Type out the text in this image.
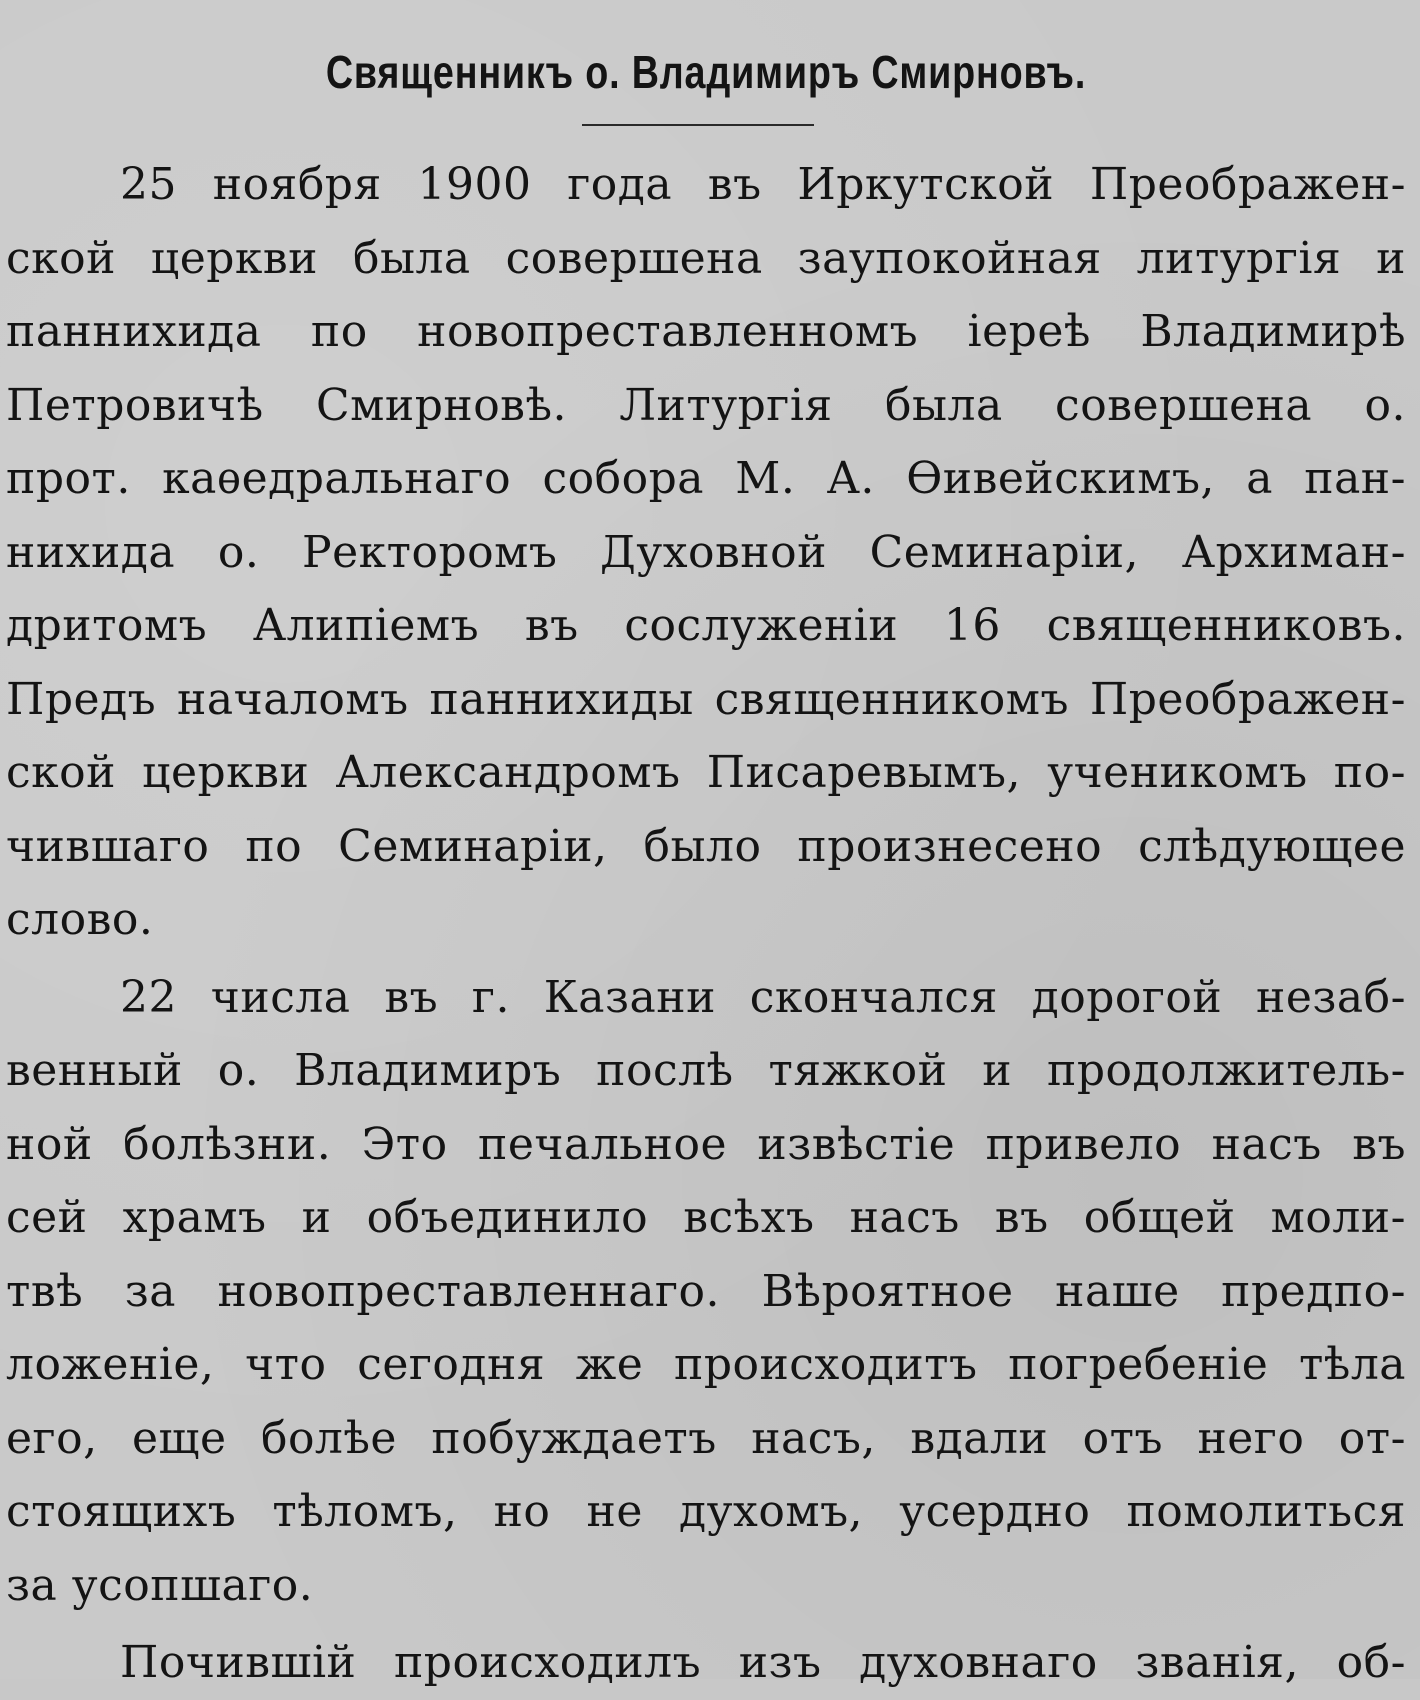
Священникъ о. Владимиръ Смирновъ.
25 ноября 1900 года въ Иркутской Преображен-
ской церкви была совершена заупокойная литургія и
паннихида по новопреставленномъ іереѣ Владимирѣ
Петровичѣ Смирновѣ. Литургія была совершена о.
прот. каѳедральнаго собора М. А. Ѳивейскимъ, а пан-
нихида о. Ректоромъ Духовной Семинаріи, Архиман-
дритомъ Алипіемъ въ сослуженіи 16 священниковъ.
Предъ началомъ паннихиды священникомъ Преображен-
ской церкви Александромъ Писаревымъ, ученикомъ по-
чившаго по Семинаріи, было произнесено слѣдующее
слово.
22 числа въ г. Казани скончался дорогой незаб-
венный о. Владимиръ послѣ тяжкой и продолжитель-
ной болѣзни. Это печальное извѣстіе привело насъ въ
сей храмъ и объединило всѣхъ насъ въ общей моли-
твѣ за новопреставленнаго. Вѣроятное наше предпо-
ложеніе, что сегодня же происходитъ погребеніе тѣла
его, еще болѣе побуждаетъ насъ, вдали отъ него от-
стоящихъ тѣломъ, но не духомъ, усердно помолиться
за усопшаго.
Почившій происходилъ изъ духовнаго званія, об-
